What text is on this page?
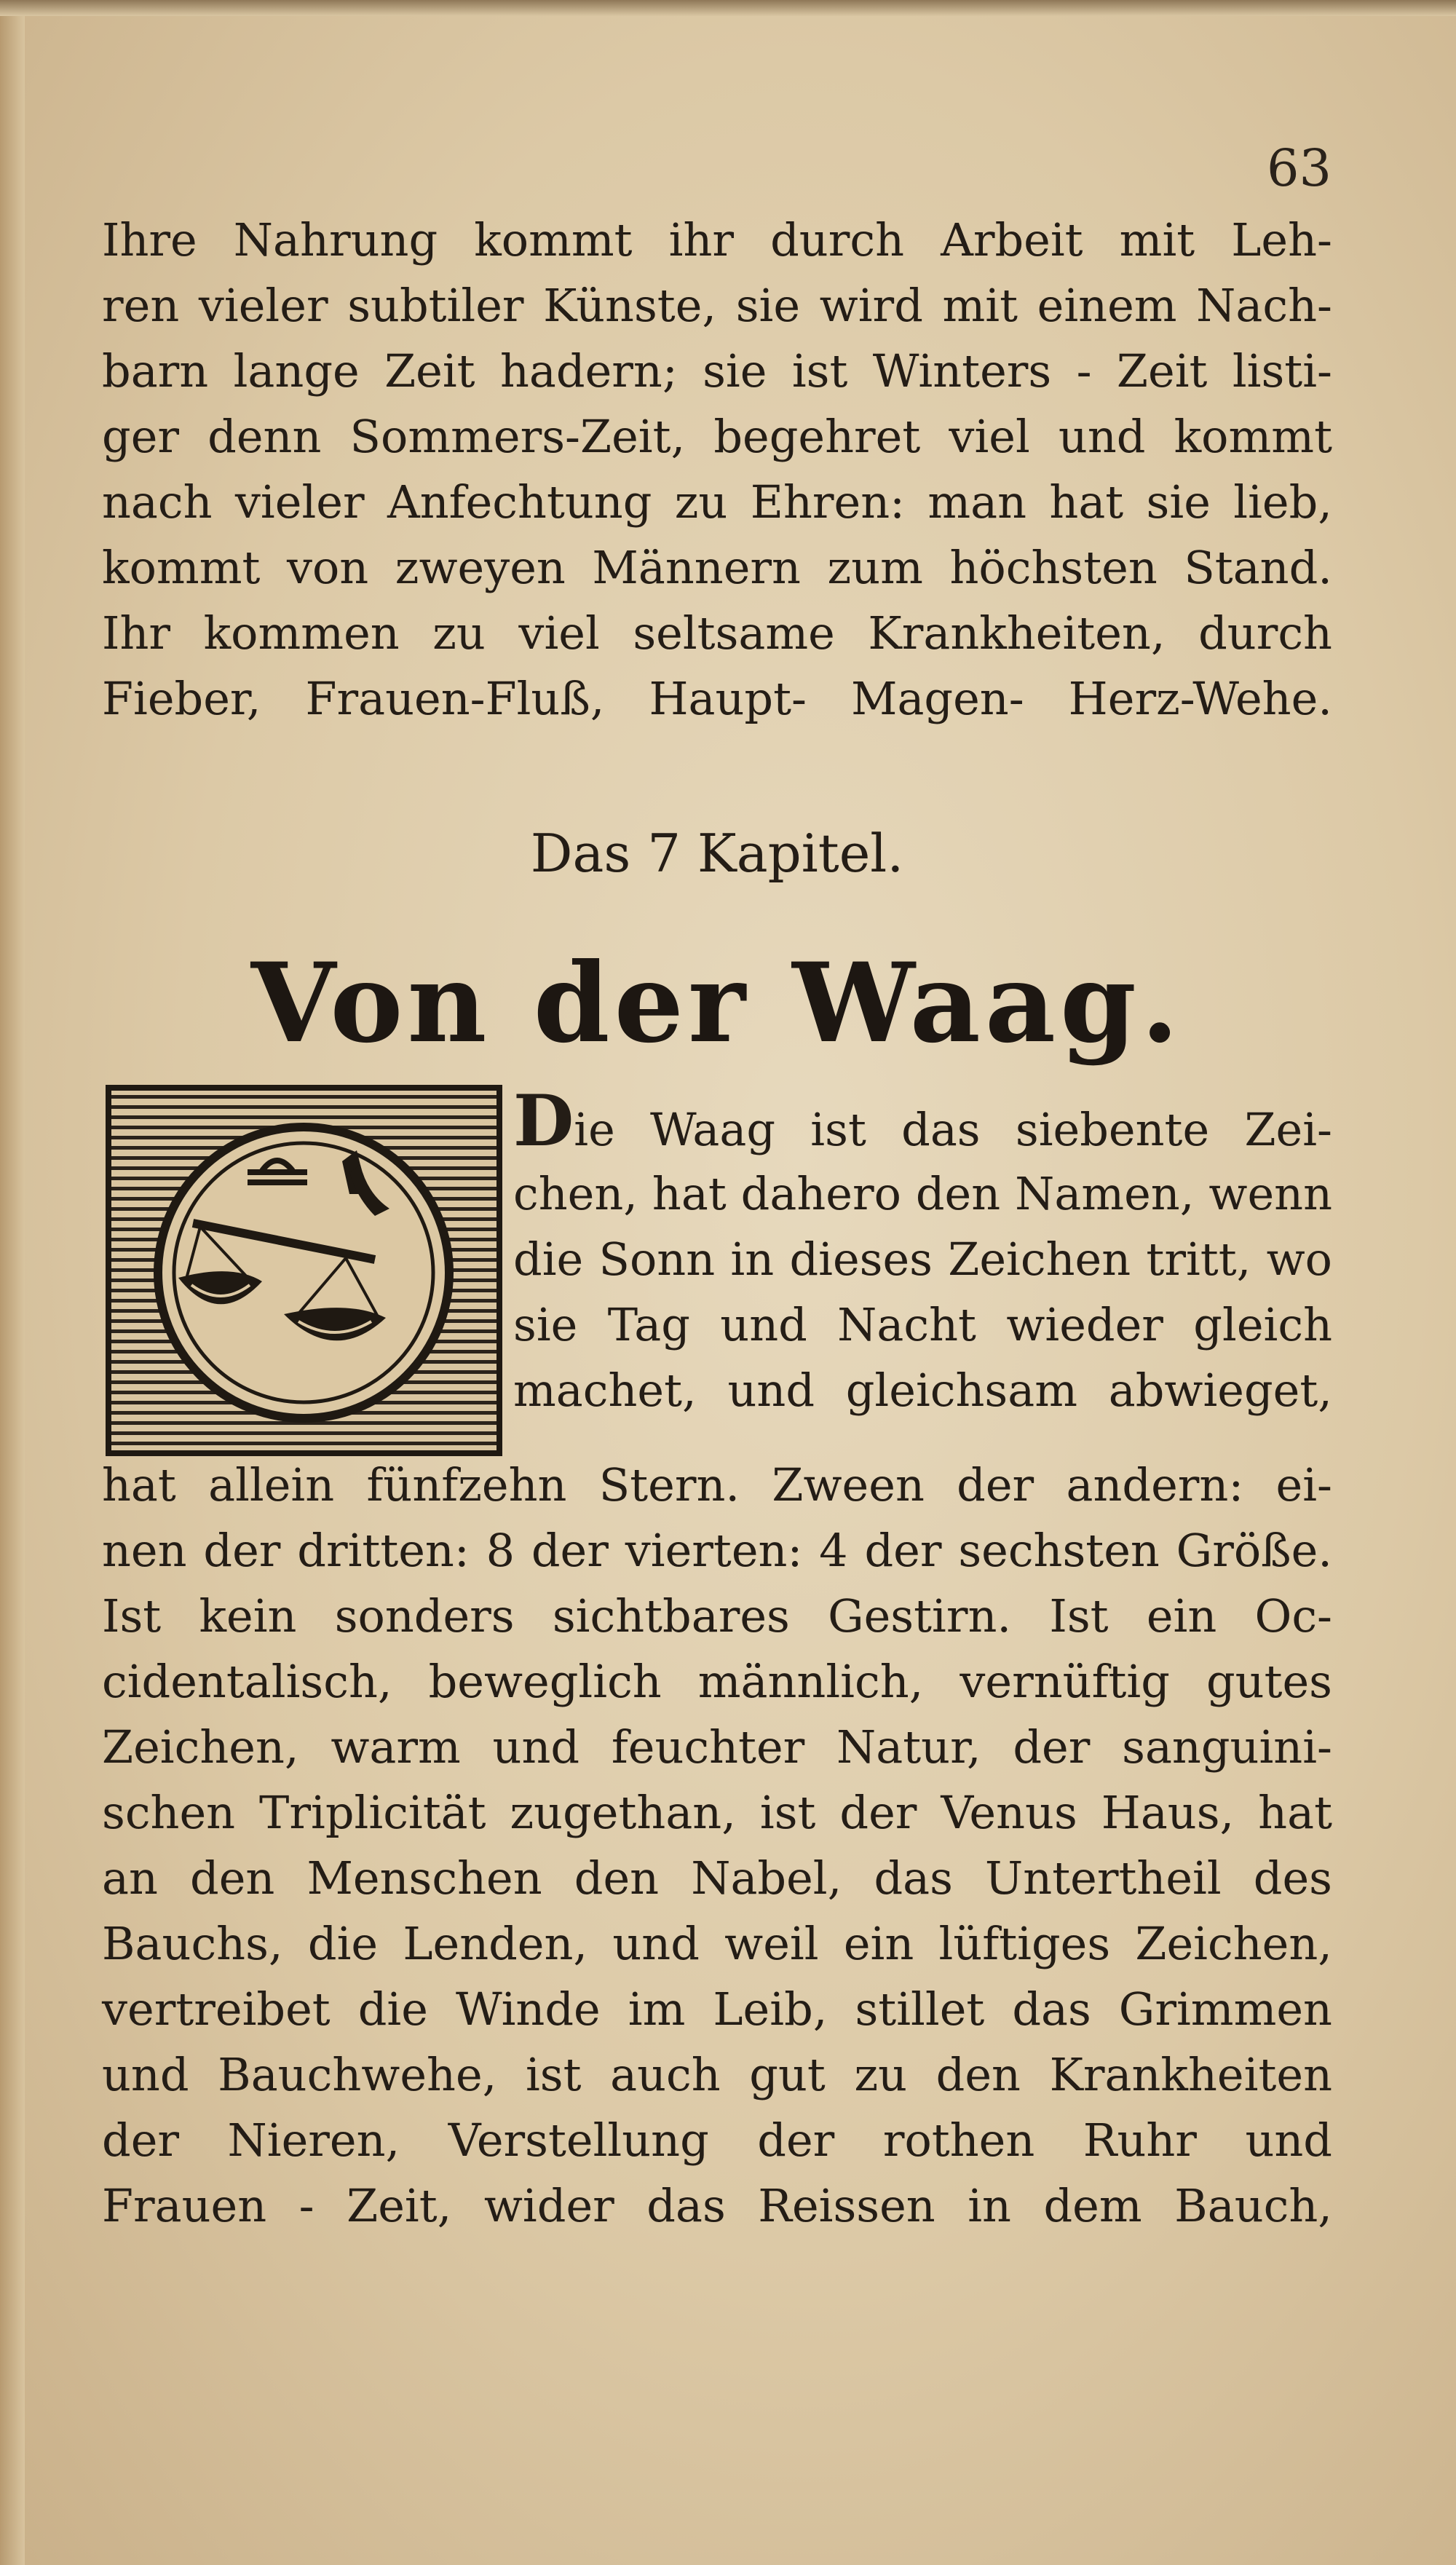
63
Ihre Nahrung kommt ihr durch Arbeit mit Leh-
ren vieler subtiler Künste, sie wird mit einem Nach-
barn lange Zeit hadern; sie ist Winters - Zeit listi-
ger denn Sommers-Zeit, begehret viel und kommt
nach vieler Anfechtung zu Ehren: man hat sie lieb,
kommt von zweyen Männern zum höchsten Stand.
Ihr kommen zu viel seltsame Krankheiten, durch
Fieber, Frauen-Fluß, Haupt- Magen- Herz-Wehe.
Das 7 Kapitel.
Von der Waag.
Die Waag ist das siebente Zei-
chen, hat dahero den Namen, wenn
die Sonn in dieses Zeichen tritt, wo
sie Tag und Nacht wieder gleich
machet, und gleichsam abwieget,
hat allein fünfzehn Stern. Zween der andern: ei-
nen der dritten: 8 der vierten: 4 der sechsten Größe.
Ist kein sonders sichtbares Gestirn. Ist ein Oc-
cidentalisch, beweglich männlich, vernüftig gutes
Zeichen, warm und feuchter Natur, der sanguini-
schen Triplicität zugethan, ist der Venus Haus, hat
an den Menschen den Nabel, das Untertheil des
Bauchs, die Lenden, und weil ein lüftiges Zeichen,
vertreibet die Winde im Leib, stillet das Grimmen
und Bauchwehe, ist auch gut zu den Krankheiten
der Nieren, Verstellung der rothen Ruhr und
Frauen - Zeit, wider das Reissen in dem Bauch,
